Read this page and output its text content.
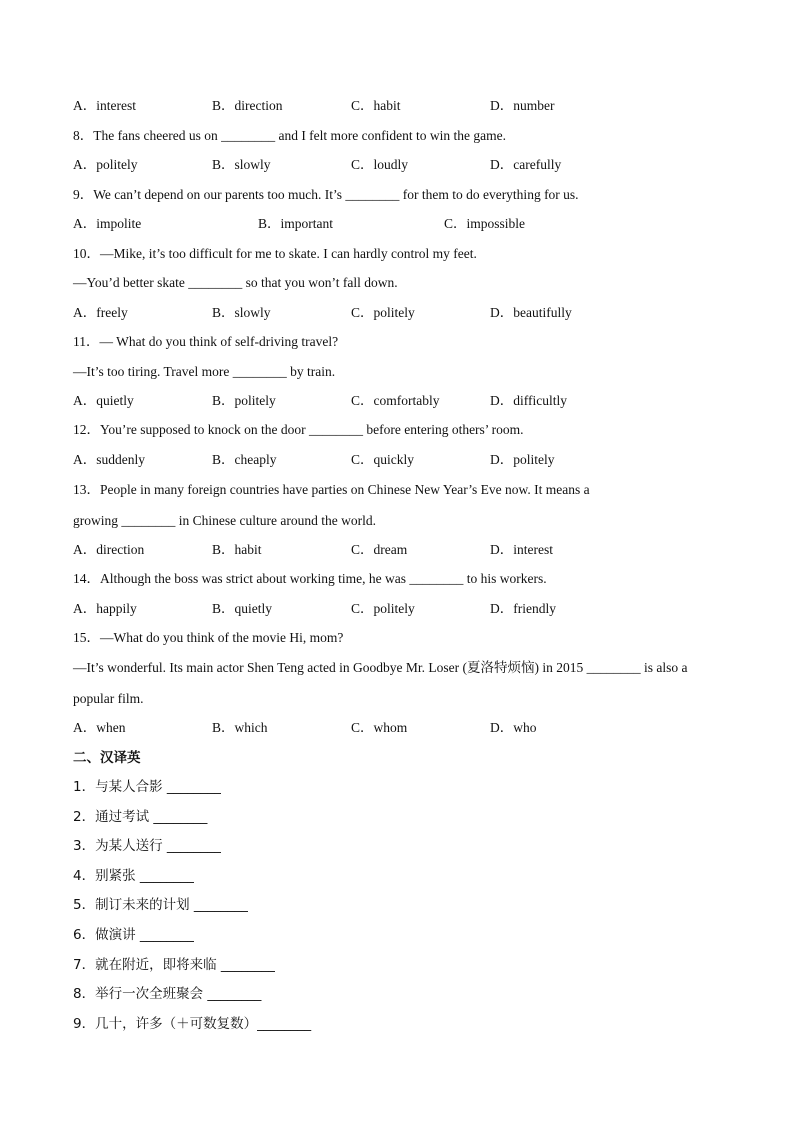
A．interest	B．direction	C．habit	D．number
8．The fans cheered us on ________ and I felt more confident to win the game.
A．politely	B．slowly	C．loudly	D．carefully
9．We can’t depend on our parents too much. It’s ________ for them to do everything for us.
A．impolite	B．important	C．impossible
10．—Mike, it’s too difficult for me to skate. I can hardly control my feet.
—You’d better skate ________ so that you won’t fall down.
A．freely	B．slowly	C．politely	D．beautifully
11．— What do you think of self-driving travel?
—It’s too tiring. Travel more ________ by train.
A．quietly	B．politely	C．comfortably	D．difficultly
12．You’re supposed to knock on the door ________ before entering others’ room.
A．suddenly	B．cheaply	C．quickly	D．politely
13．People in many foreign countries have parties on Chinese New Year’s Eve now. It means a
growing ________ in Chinese culture around the world.
A．direction	B．habit	C．dream	D．interest
14．Although the boss was strict about working time, he was ________ to his workers.
A．happily	B．quietly	C．politely	D．friendly
15．—What do you think of the movie Hi, mom?
—It’s wonderful. Its main actor Shen Teng acted in Goodbye Mr. Loser (夏洛特烦恼) in 2015 ________ is also a
popular film.
A．when	B．which	C．whom	D．who
二、汉译英
1．与某人合影 ________
2．通过考试 ________
3．为某人送行 ________
4．别紧张 ________
5．制订未来的计划 ________
6．做演讲 ________
7．就在附近，即将来临 ________
8．举行一次全班聚会 ________
9．几十，许多（＋可数复数）________
